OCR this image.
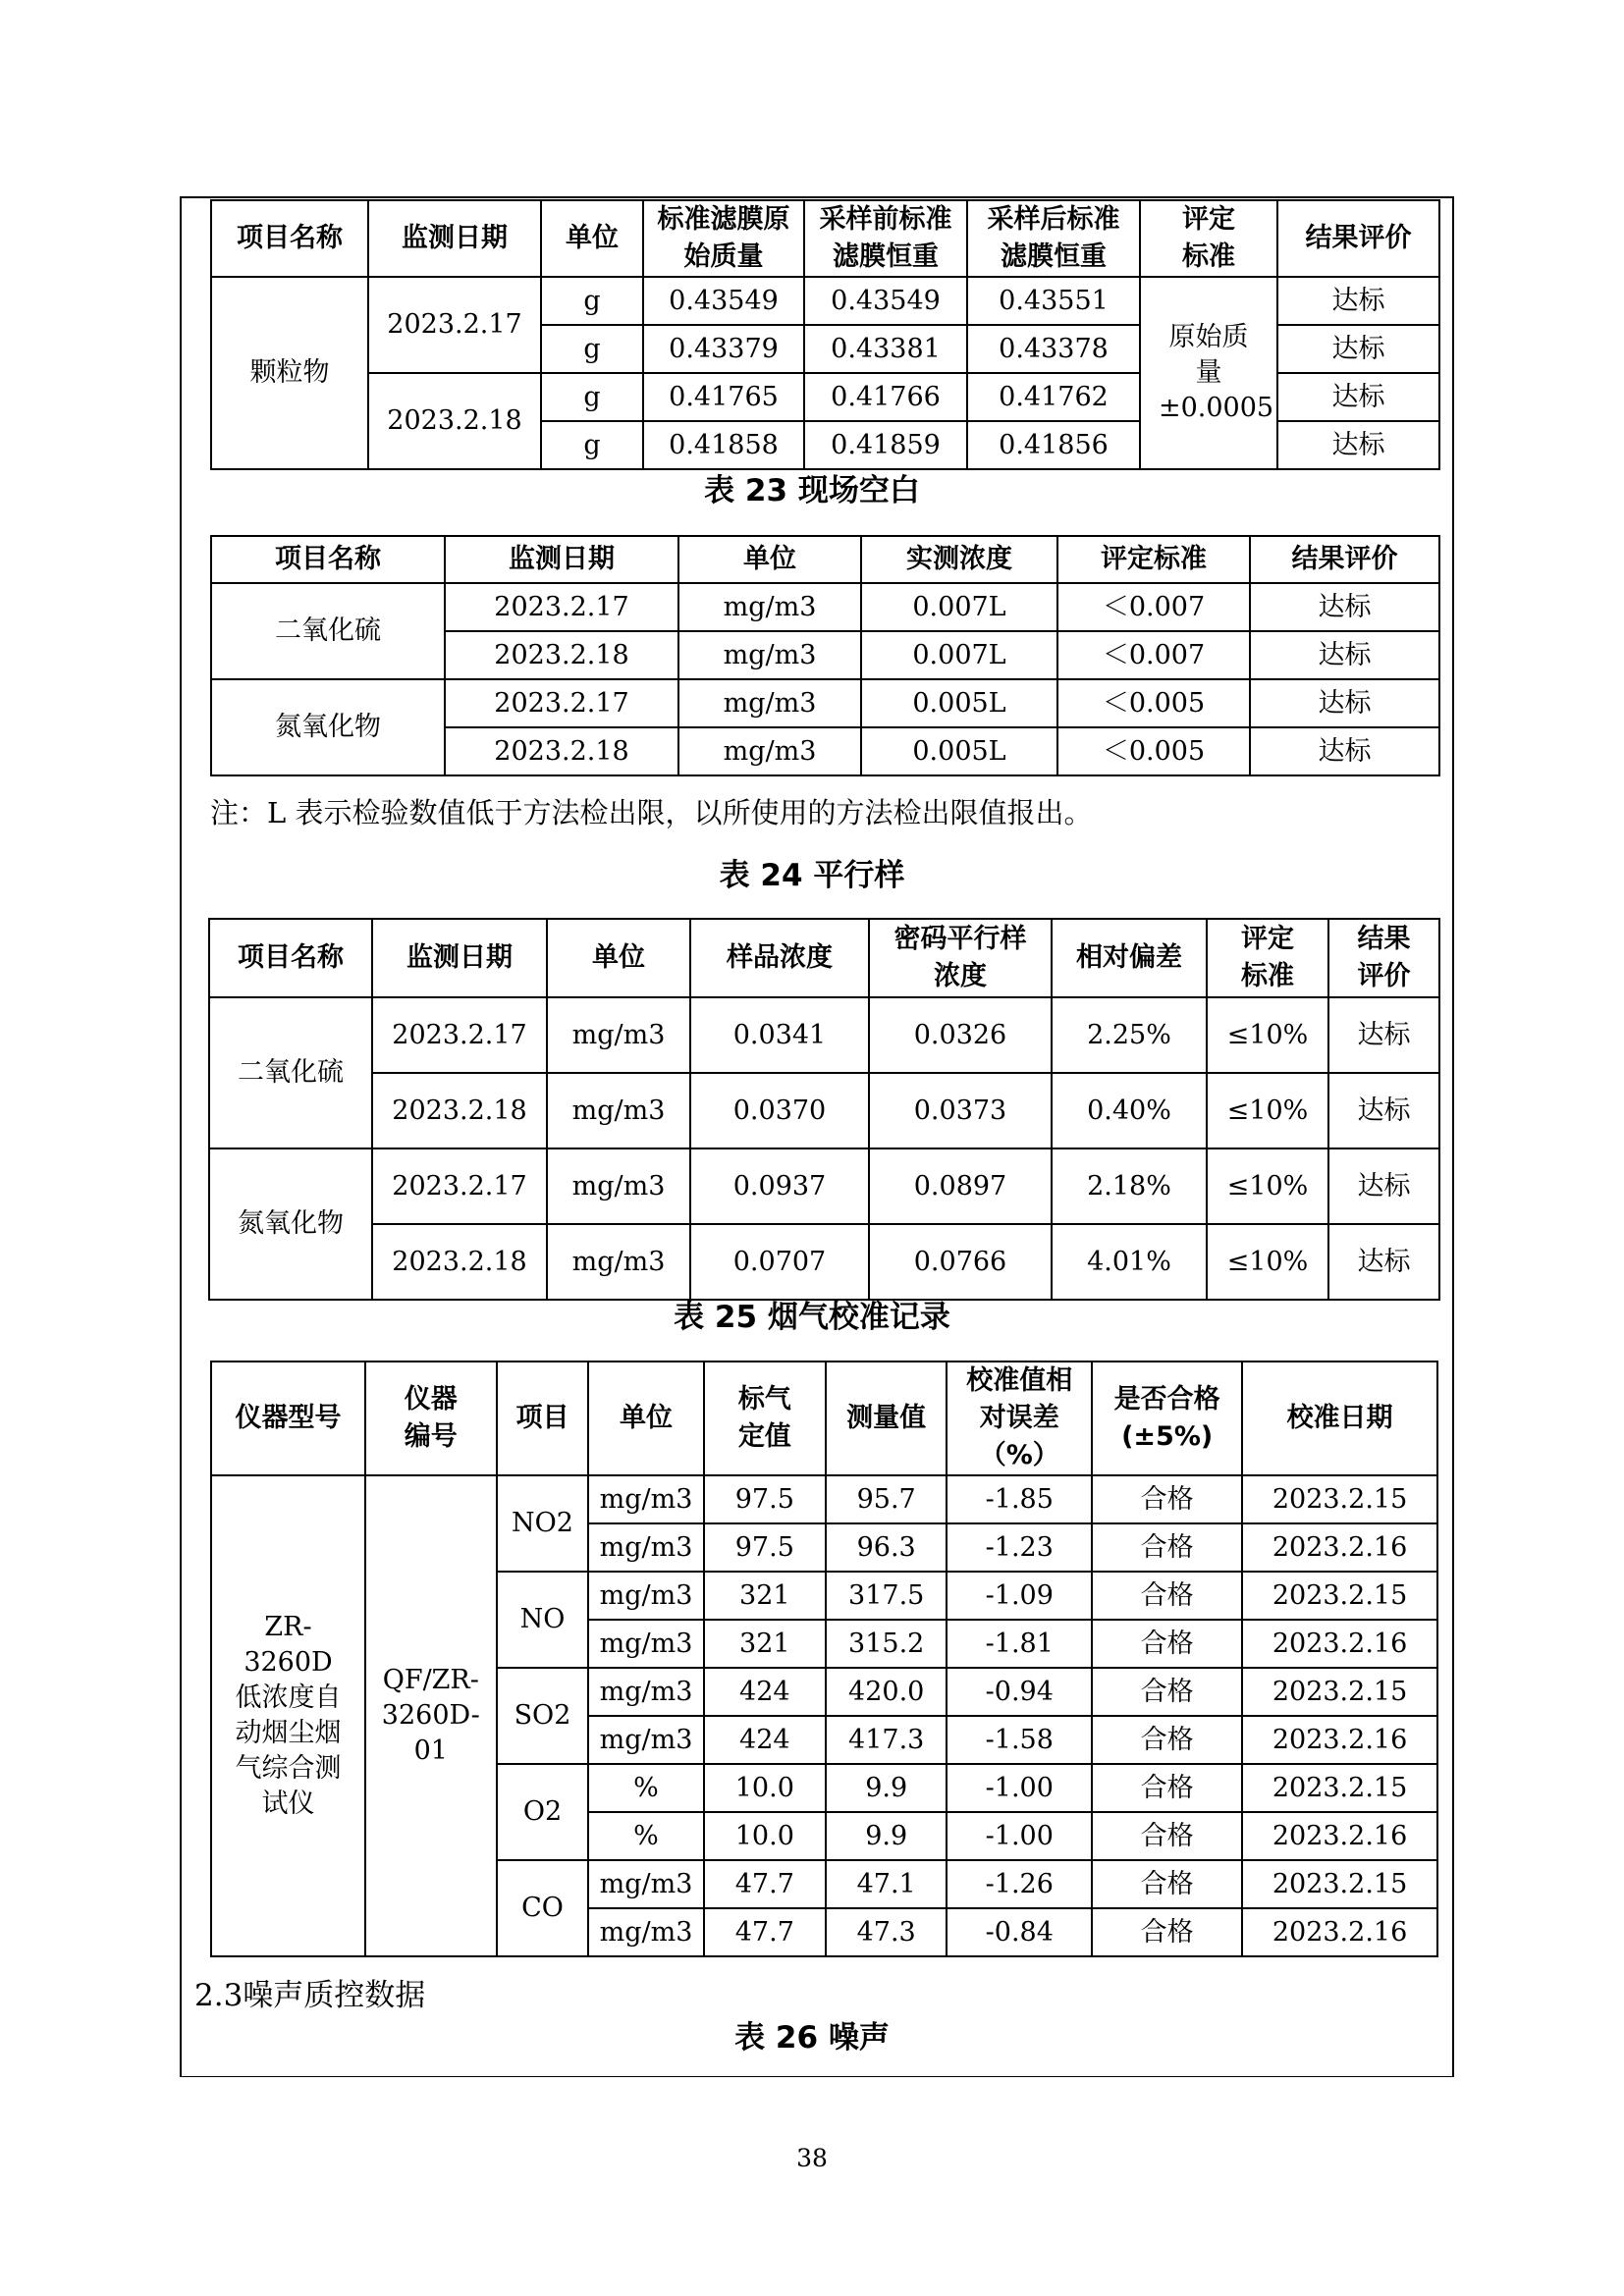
项目名称	监测日期	单位	标准滤膜原始质量	采样前标准滤膜恒重	采样后标准滤膜恒重	评定标准	结果评价
颗粒物	2023.2.17	g	0.43549	0.43549	0.43551	原始质量±0.0005	达标
		g	0.43379	0.43381	0.43378		达标
	2023.2.18	g	0.41765	0.41766	0.41762		达标
		g	0.41858	0.41859	0.41856		达标
表 23 现场空白
项目名称	监测日期	单位	实测浓度	评定标准	结果评价
二氧化硫	2023.2.17	mg/m3	0.007L	＜0.007	达标
	2023.2.18	mg/m3	0.007L	＜0.007	达标
氮氧化物	2023.2.17	mg/m3	0.005L	＜0.005	达标
	2023.2.18	mg/m3	0.005L	＜0.005	达标
注：L 表示检验数值低于方法检出限，以所使用的方法检出限值报出。
表 24 平行样
项目名称	监测日期	单位	样品浓度	密码平行样浓度	相对偏差	评定标准	结果评价
二氧化硫	2023.2.17	mg/m3	0.0341	0.0326	2.25%	≤10%	达标
	2023.2.18	mg/m3	0.0370	0.0373	0.40%	≤10%	达标
氮氧化物	2023.2.17	mg/m3	0.0937	0.0897	2.18%	≤10%	达标
	2023.2.18	mg/m3	0.0707	0.0766	4.01%	≤10%	达标
表 25 烟气校准记录
仪器型号	仪器编号	项目	单位	标气定值	测量值	校准值相对误差（%）	是否合格(±5%)	校准日期
ZR-3260D 低浓度自动烟尘烟气综合测试仪	QF/ZR-3260D-01	NO2	mg/m3	97.5	95.7	-1.85	合格	2023.2.15
			mg/m3	97.5	96.3	-1.23	合格	2023.2.16
		NO	mg/m3	321	317.5	-1.09	合格	2023.2.15
			mg/m3	321	315.2	-1.81	合格	2023.2.16
		SO2	mg/m3	424	420.0	-0.94	合格	2023.2.15
			mg/m3	424	417.3	-1.58	合格	2023.2.16
		O2	%	10.0	9.9	-1.00	合格	2023.2.15
			%	10.0	9.9	-1.00	合格	2023.2.16
		CO	mg/m3	47.7	47.1	-1.26	合格	2023.2.15
			mg/m3	47.7	47.3	-0.84	合格	2023.2.16
2.3噪声质控数据
表 26 噪声
38
